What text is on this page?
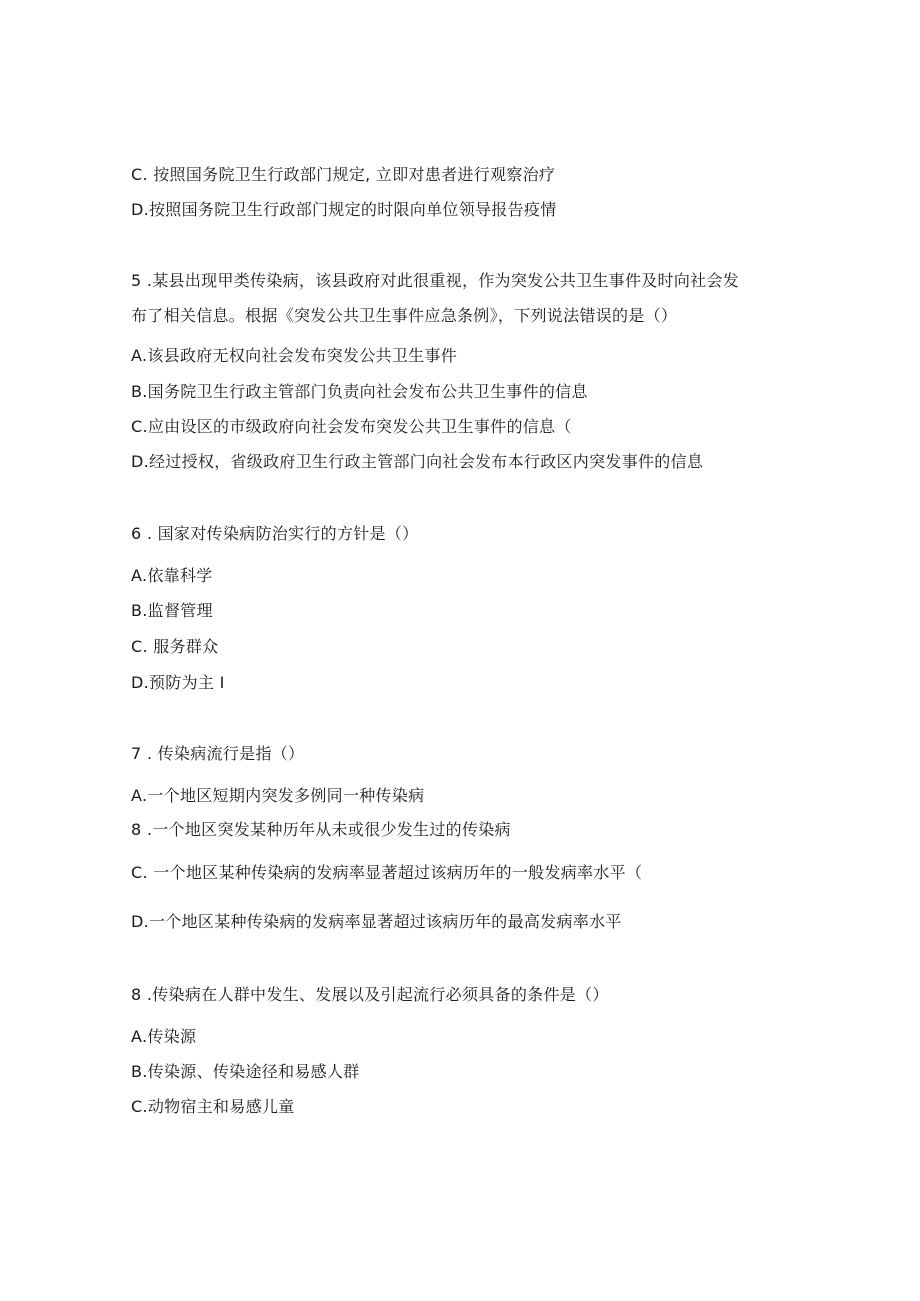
C. 按照国务院卫生行政部门规定, 立即对患者进行观察治疗
D.按照国务院卫生行政部门规定的时限向单位领导报告疫情
5 .某县出现甲类传染病，该县政府对此很重视，作为突发公共卫生事件及时向社会发
布了相关信息。根据《突发公共卫生事件应急条例》，下列说法错误的是（）
A.该县政府无权向社会发布突发公共卫生事件
B.国务院卫生行政主管部门负责向社会发布公共卫生事件的信息
C.应由设区的市级政府向社会发布突发公共卫生事件的信息（
D.经过授权，省级政府卫生行政主管部门向社会发布本行政区内突发事件的信息
6 . 国家对传染病防治实行的方针是（）
A.依靠科学
B.监督管理
C. 服务群众
D.预防为主 I
7 . 传染病流行是指（）
A.一个地区短期内突发多例同一种传染病
8 .一个地区突发某种历年从未或很少发生过的传染病
C. 一个地区某种传染病的发病率显著超过该病历年的一般发病率水平（
D.一个地区某种传染病的发病率显著超过该病历年的最高发病率水平
8 .传染病在人群中发生、发展以及引起流行必须具备的条件是（）
A.传染源
B.传染源、传染途径和易感人群
C.动物宿主和易感儿童
